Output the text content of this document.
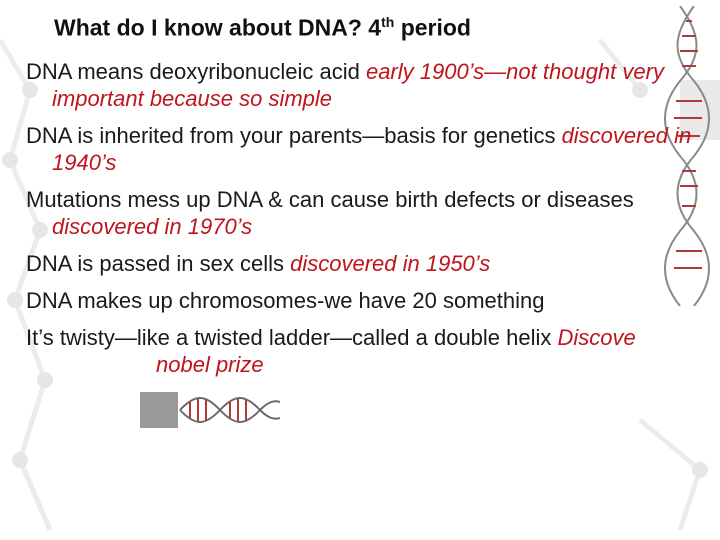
What do I know about DNA? 4th period

DNA means deoxyribonucleic acid early 1900’s—not thought very important because so simple

DNA is inherited from your parents—basis for genetics discovered in 1940’s

Mutations mess up DNA & can cause birth defects or diseases discovered in 1970’s

DNA is passed in sex cells discovered in 1950’s

DNA makes up chromosomes-we have 20 something

It’s twisty—like a twisted ladder—called a double helix Discovenobel prize
